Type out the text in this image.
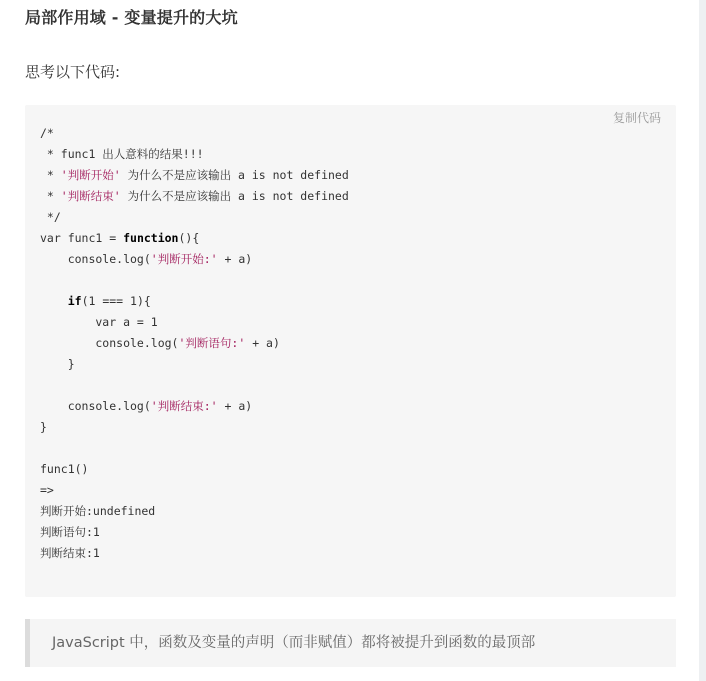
局部作用域 - 变量提升的大坑
思考以下代码:
复制代码
/*
* func1 出人意料的结果!!!
* '判断开始' 为什么不是应该输出 a is not defined
* '判断结束' 为什么不是应该输出 a is not defined
*/
var func1 = function(){
console.log('判断开始:' + a)
if(1 === 1){
var a = 1
console.log('判断语句:' + a)
}
console.log('判断结束:' + a)
}
func1()
=>
判断开始:undefined
判断语句:1
判断结束:1
JavaScript 中，函数及变量的声明（而非赋值）都将被提升到函数的最顶部
